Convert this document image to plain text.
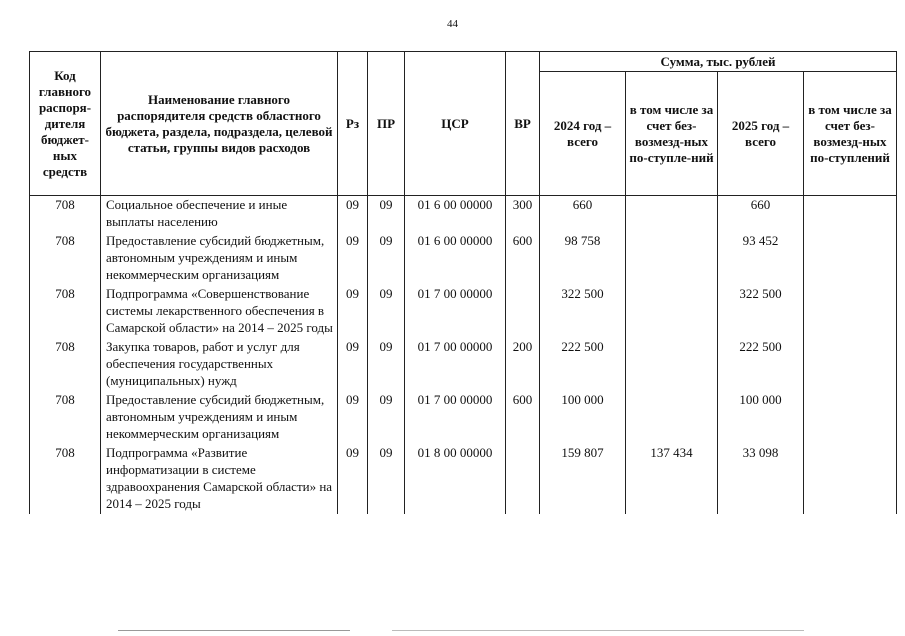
44
Код главного распоря-дителя бюджет-ных средств	Наименование главного распорядителя средств областного бюджета, раздела, подраздела, целевой статьи, группы видов расходов	Рз	ПР	ЦСР	ВР	Сумма, тыс. рублей			
						2024 год – всего	в том числе за счет без-возмезд-ных по-ступле-ний	2025 год – всего	в том числе за счет без-возмезд-ных по-ступлений
708	Социальное обеспечение и иные выплаты населению	09	09	01 6 00 00000	300	660		660	
708	Предоставление субсидий бюджетным, автономным учреждениям и иным некоммерческим организациям	09	09	01 6 00 00000	600	98 758		93 452	
708	Подпрограмма «Совершенствование системы лекарственного обеспечения в Самарской области» на 2014 – 2025 годы	09	09	01 7 00 00000		322 500		322 500	
708	Закупка товаров, работ и услуг для обеспечения государственных (муниципальных) нужд	09	09	01 7 00 00000	200	222 500		222 500	
708	Предоставление субсидий бюджетным, автономным учреждениям и иным некоммерческим организациям	09	09	01 7 00 00000	600	100 000		100 000	
708	Подпрограмма «Развитие информатизации в системе здравоохранения Самарской области» на 2014 – 2025 годы	09	09	01 8 00 00000		159 807	137 434	33 098	
